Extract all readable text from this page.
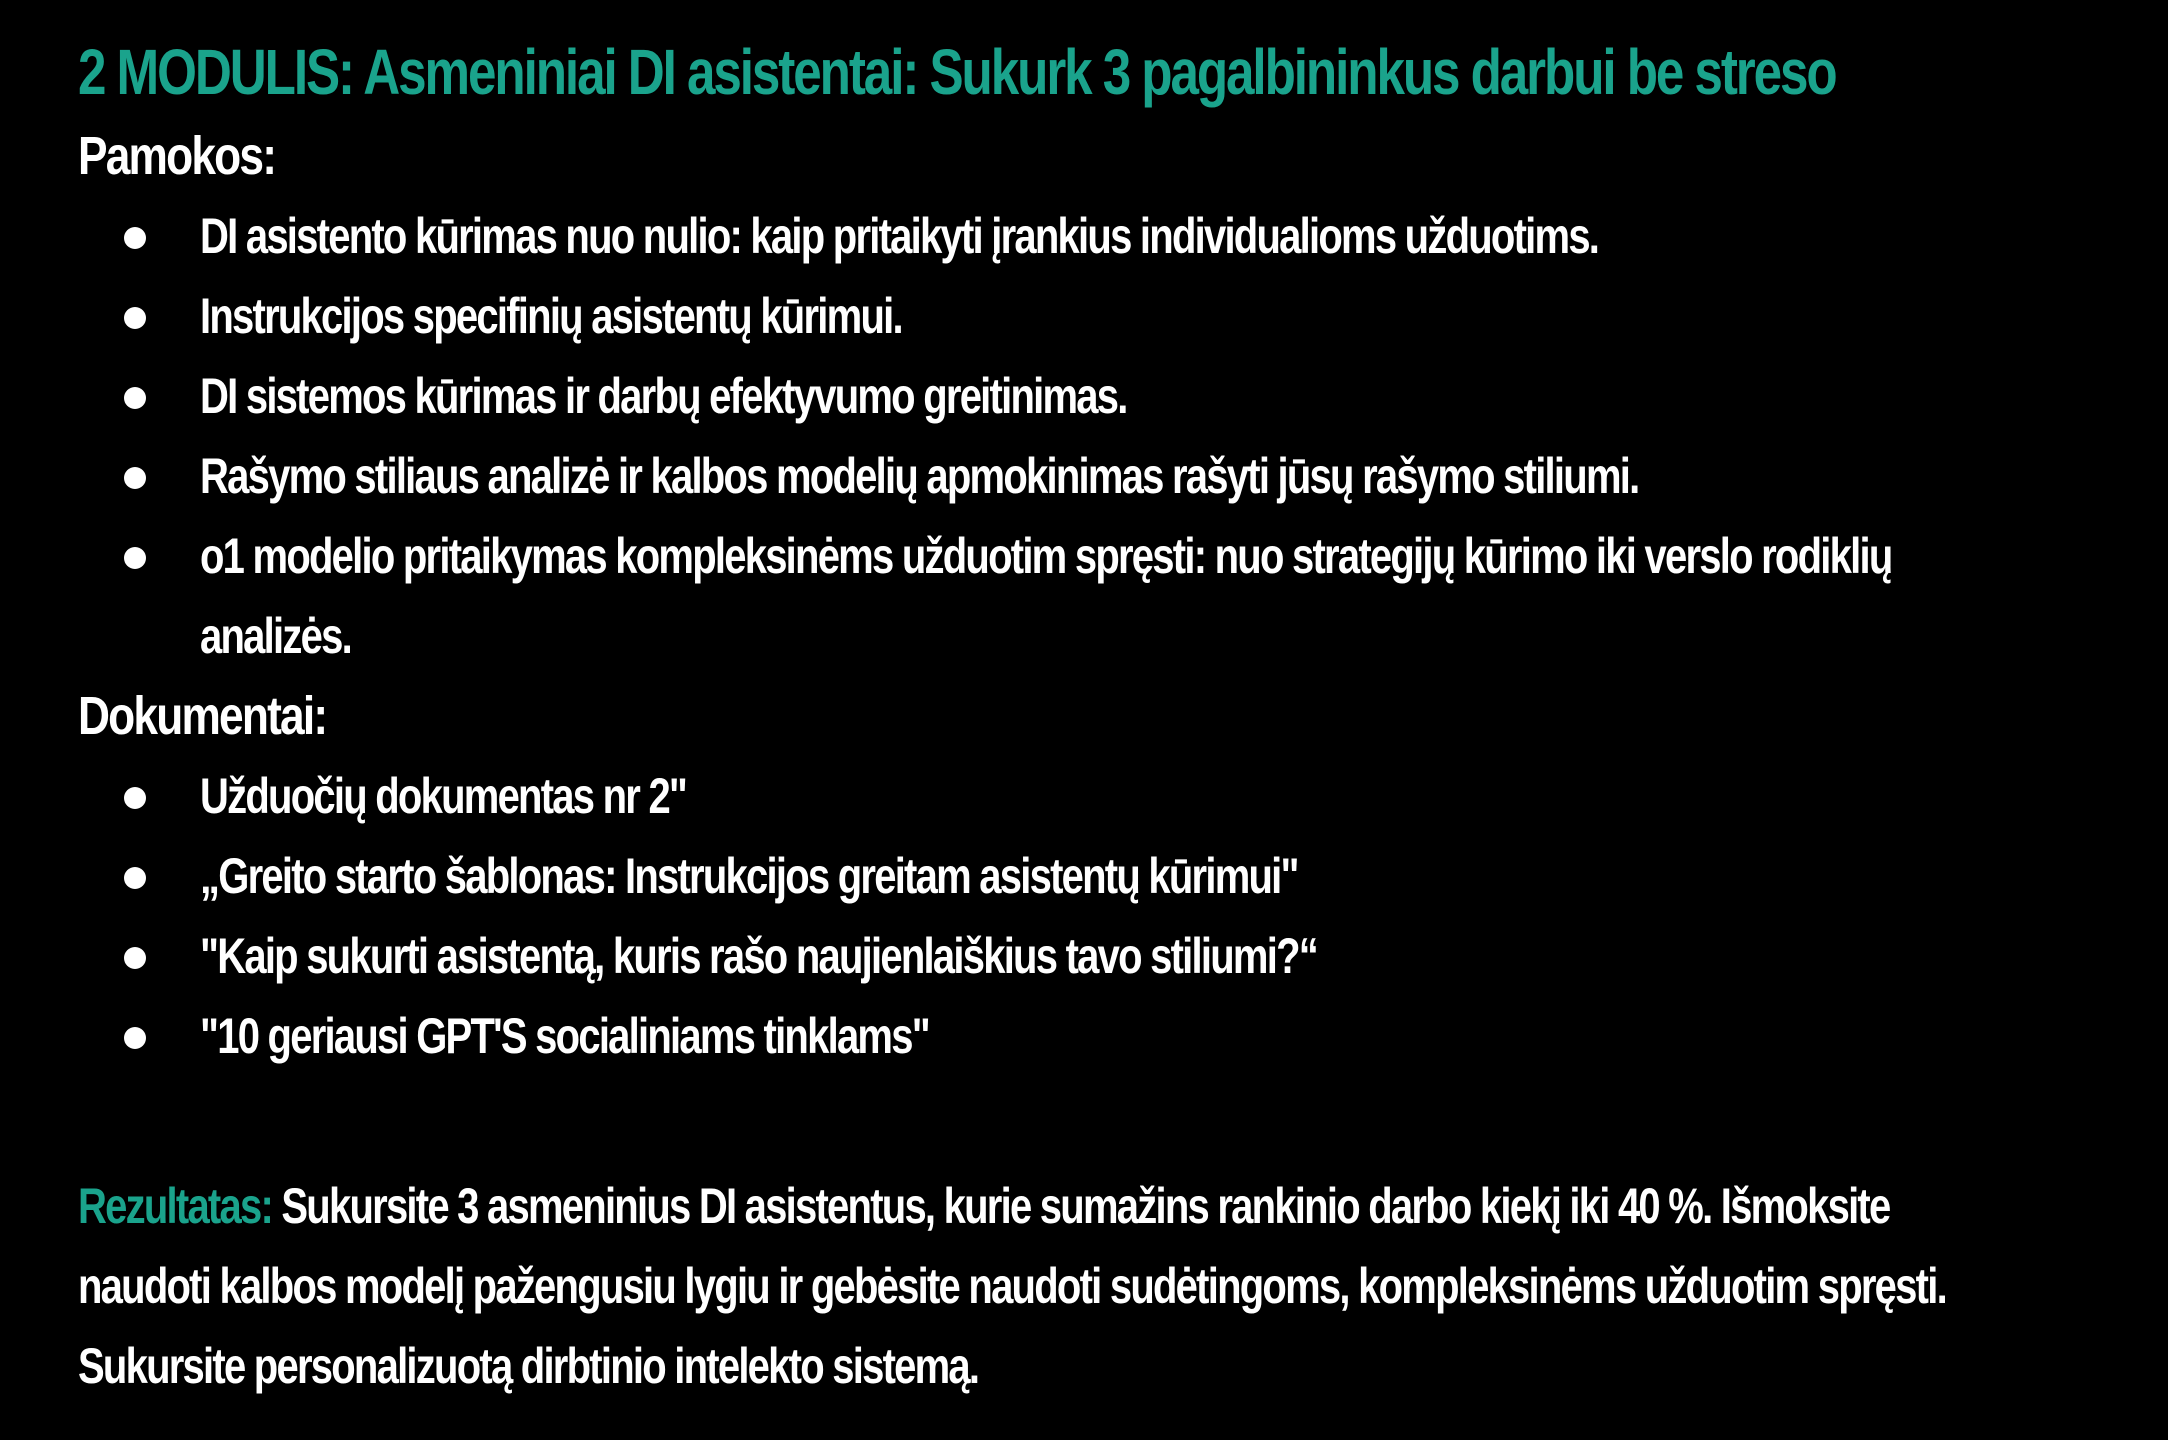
2 MODULIS: Asmeniniai DI asistentai: Sukurk 3 pagalbininkus darbui be streso
Pamokos:
DI asistento kūrimas nuo nulio: kaip pritaikyti įrankius individualioms užduotims.
Instrukcijos specifinių asistentų kūrimui.
DI sistemos kūrimas ir darbų efektyvumo greitinimas.
Rašymo stiliaus analizė ir kalbos modelių apmokinimas rašyti jūsų rašymo stiliumi.
o1 modelio pritaikymas kompleksinėms užduotim spręsti: nuo strategijų kūrimo iki verslo rodiklių
analizės.
Dokumentai:
Užduočių dokumentas nr 2"
„Greito starto šablonas: Instrukcijos greitam asistentų kūrimui"
"Kaip sukurti asistentą, kuris rašo naujienlaiškius tavo stiliumi?“
"10 geriausi GPT'S socialiniams tinklams"
Rezultatas: Sukursite 3 asmeninius DI asistentus, kurie sumažins rankinio darbo kiekį iki 40 %. Išmoksite
naudoti kalbos modelį pažengusiu lygiu ir gebėsite naudoti sudėtingoms, kompleksinėms užduotim spręsti.
Sukursite personalizuotą dirbtinio intelekto sistemą.
